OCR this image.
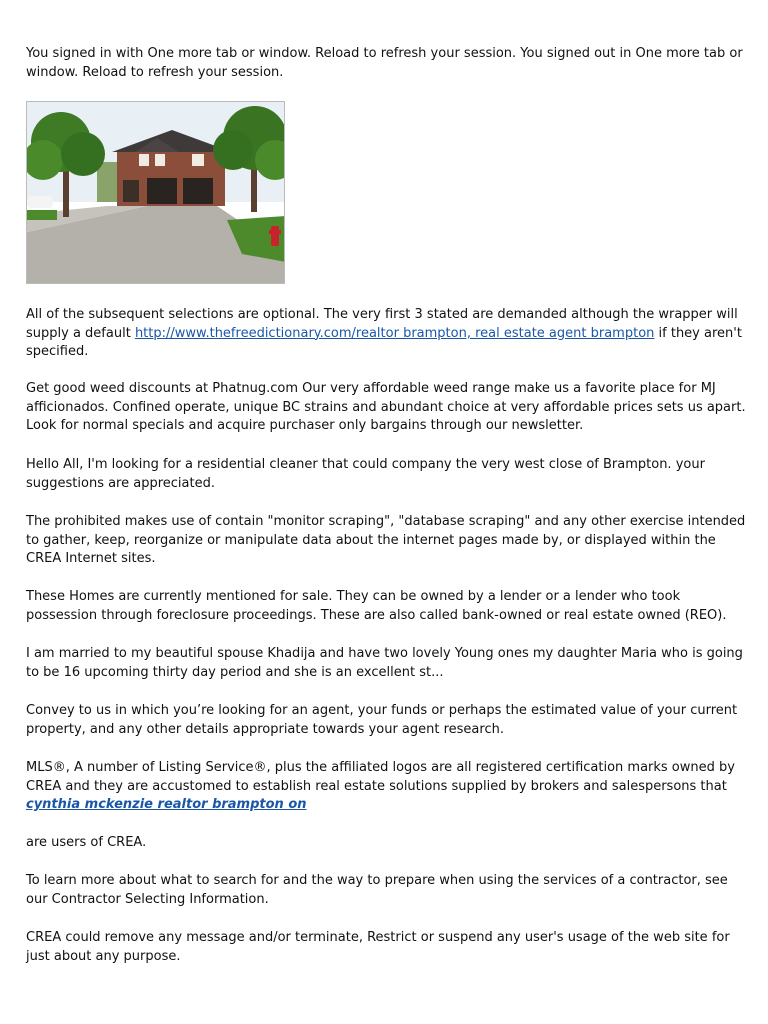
You signed in with One more tab or window. Reload to refresh your session. You signed out in One more tab or window. Reload to refresh your session.

All of the subsequent selections are optional. The very first 3 stated are demanded although the wrapper will supply a default http://www.thefreedictionary.com/realtor brampton, real estate agent brampton if they aren't specified.

Get good weed discounts at Phatnug.com Our very affordable weed range make us a favorite place for MJ afficionados. Confined operate, unique BC strains and abundant choice at very affordable prices sets us apart. Look for normal specials and acquire purchaser only bargains through our newsletter.

Hello All, I'm looking for a residential cleaner that could company the very west close of Brampton. your suggestions are appreciated.

The prohibited makes use of contain "monitor scraping", "database scraping" and any other exercise intended to gather, keep, reorganize or manipulate data about the internet pages made by, or displayed within the CREA Internet sites.

These Homes are currently mentioned for sale. They can be owned by a lender or a lender who took possession through foreclosure proceedings. These are also called bank-owned or real estate owned (REO).

I am married to my beautiful spouse Khadija and have two lovely Young ones my daughter Maria who is going to be 16 upcoming thirty day period and she is an excellent st...

Convey to us in which you’re looking for an agent, your funds or perhaps the estimated value of your current property, and any other details appropriate towards your agent research.

MLS®, A number of Listing Service®, plus the affiliated logos are all registered certification marks owned by CREA and they are accustomed to establish real estate solutions supplied by brokers and salespersons that cynthia mckenzie realtor brampton on

are users of CREA.

To learn more about what to search for and the way to prepare when using the services of a contractor, see our Contractor Selecting Information.

CREA could remove any message and/or terminate, Restrict or suspend any user's usage of the web site for just about any purpose.
